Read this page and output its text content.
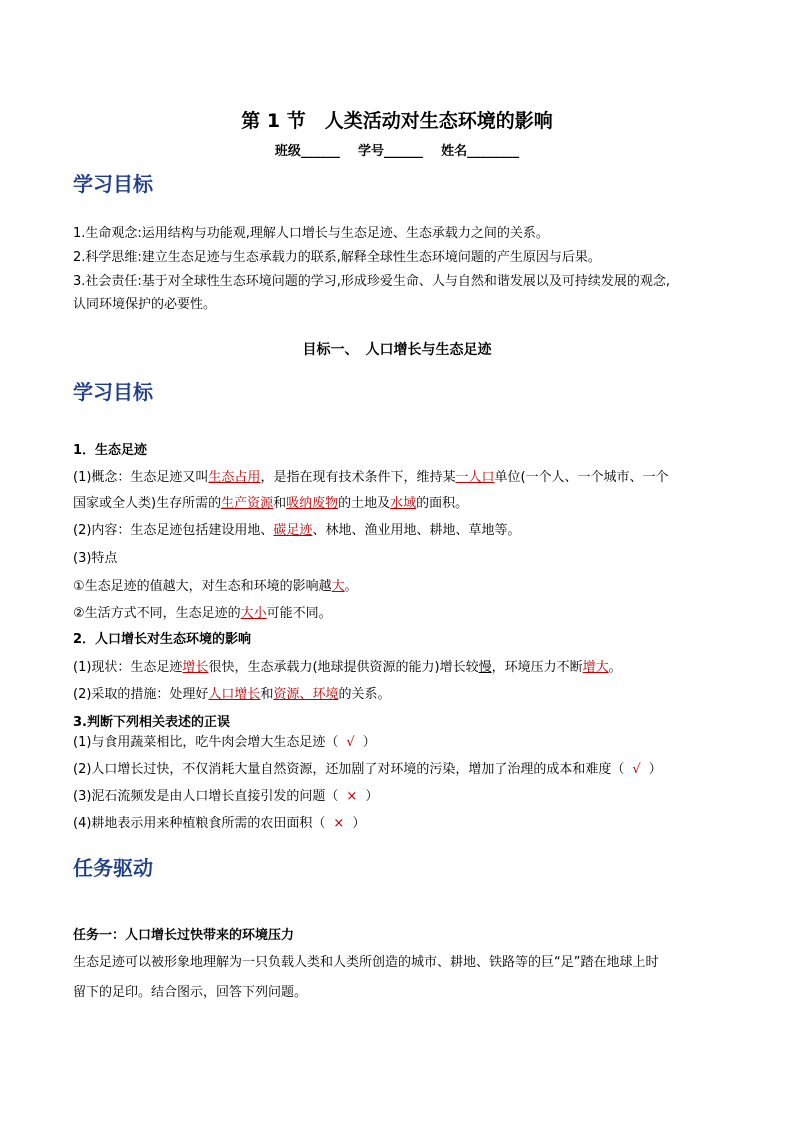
第 1 节　人类活动对生态环境的影响
班级______ 学号______ 姓名________
学习目标
1.生命观念:运用结构与功能观,理解人口增长与生态足迹、生态承载力之间的关系。
2.科学思维:建立生态足迹与生态承载力的联系,解释全球性生态环境问题的产生原因与后果。
3.社会责任:基于对全球性生态环境问题的学习,形成珍爱生命、人与自然和谐发展以及可持续发展的观念,
认同环境保护的必要性。
目标一、　人口增长与生态足迹
学习目标
1．生态足迹
(1)概念：生态足迹又叫生态占用，是指在现有技术条件下，维持某一人口单位(一个人、一个城市、一个
国家或全人类)生存所需的生产资源和吸纳废物的土地及水域的面积。
(2)内容：生态足迹包括建设用地、碳足迹、林地、渔业用地、耕地、草地等。
(3)特点
①生态足迹的值越大，对生态和环境的影响越大。
②生活方式不同，生态足迹的大小可能不同。
2．人口增长对生态环境的影响
(1)现状：生态足迹增长很快，生态承载力(地球提供资源的能力)增长较慢，环境压力不断增大。
(2)采取的措施：处理好人口增长和资源、环境的关系。
3.判断下列相关表述的正误
(1)与食用蔬菜相比，吃牛肉会增大生态足迹（ √ ）
(2)人口增长过快，不仅消耗大量自然资源，还加剧了对环境的污染，增加了治理的成本和难度（ √ ）
(3)泥石流频发是由人口增长直接引发的问题（ × ）
(4)耕地表示用来种植粮食所需的农田面积（ × ）
任务驱动
任务一：人口增长过快带来的环境压力
生态足迹可以被形象地理解为一只负载人类和人类所创造的城市、耕地、铁路等的巨“足”踏在地球上时
留下的足印。结合图示，回答下列问题。
